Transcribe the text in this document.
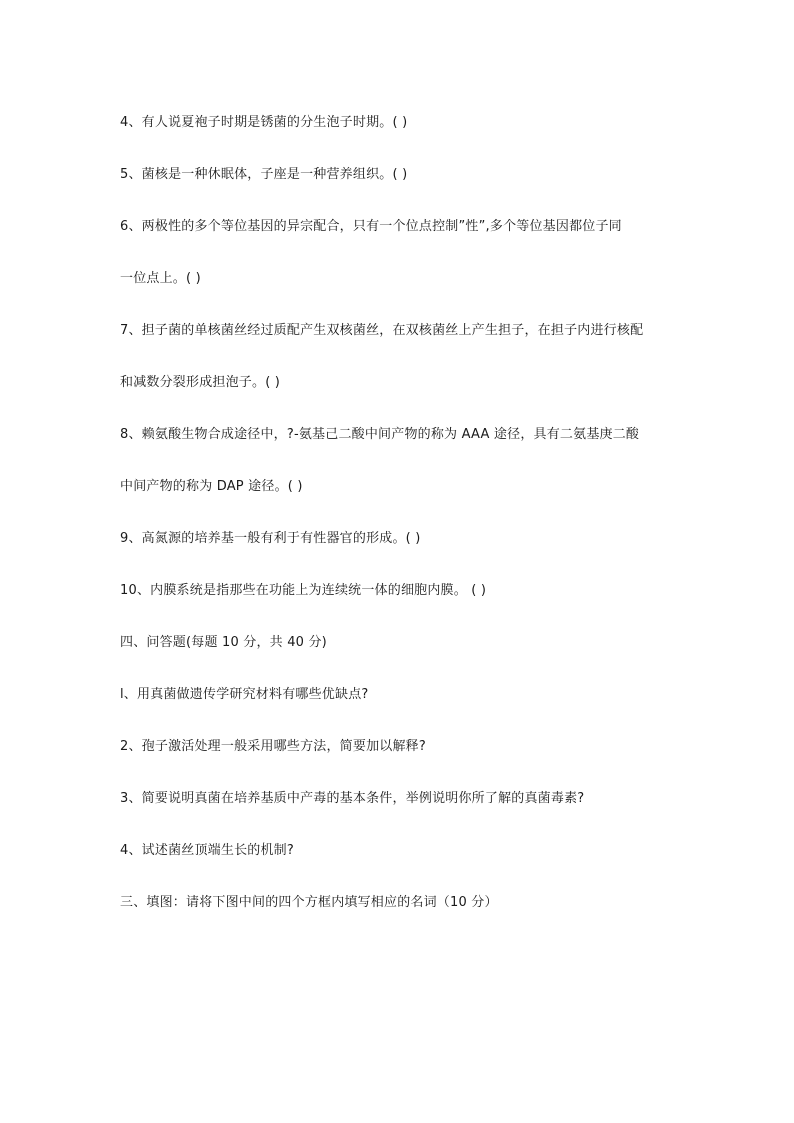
4、有人说夏袍子时期是锈菌的分生泡子时期。( )
5、菌核是一种休眠体，子座是一种营养组织。( )
6、两极性的多个等位基因的异宗配合，只有一个位点控制”性”,多个等位基因都位子同
一位点上。( )
7、担子菌的单核菌丝经过质配产生双核菌丝，在双核菌丝上产生担子，在担子内进行核配
和减数分裂形成担泡子。( )
8、赖氨酸生物合成途径中，?-氨基己二酸中间产物的称为 AAA 途径，具有二氨基庚二酸
中间产物的称为 DAP 途径。( )
9、高氮源的培养基一般有利于有性器官的形成。( )
10、内膜系统是指那些在功能上为连续统一体的细胞内膜。 ( )
四、问答题(每题 10 分，共 40 分)
l、用真菌做遗传学研究材料有哪些优缺点?
2、孢子激活处理一般采用哪些方法，简要加以解释?
3、简要说明真菌在培养基质中产毒的基本条件，举例说明你所了解的真菌毒素?
4、试述菌丝顶端生长的机制?
三、填图：请将下图中间的四个方框内填写相应的名词（10 分）
